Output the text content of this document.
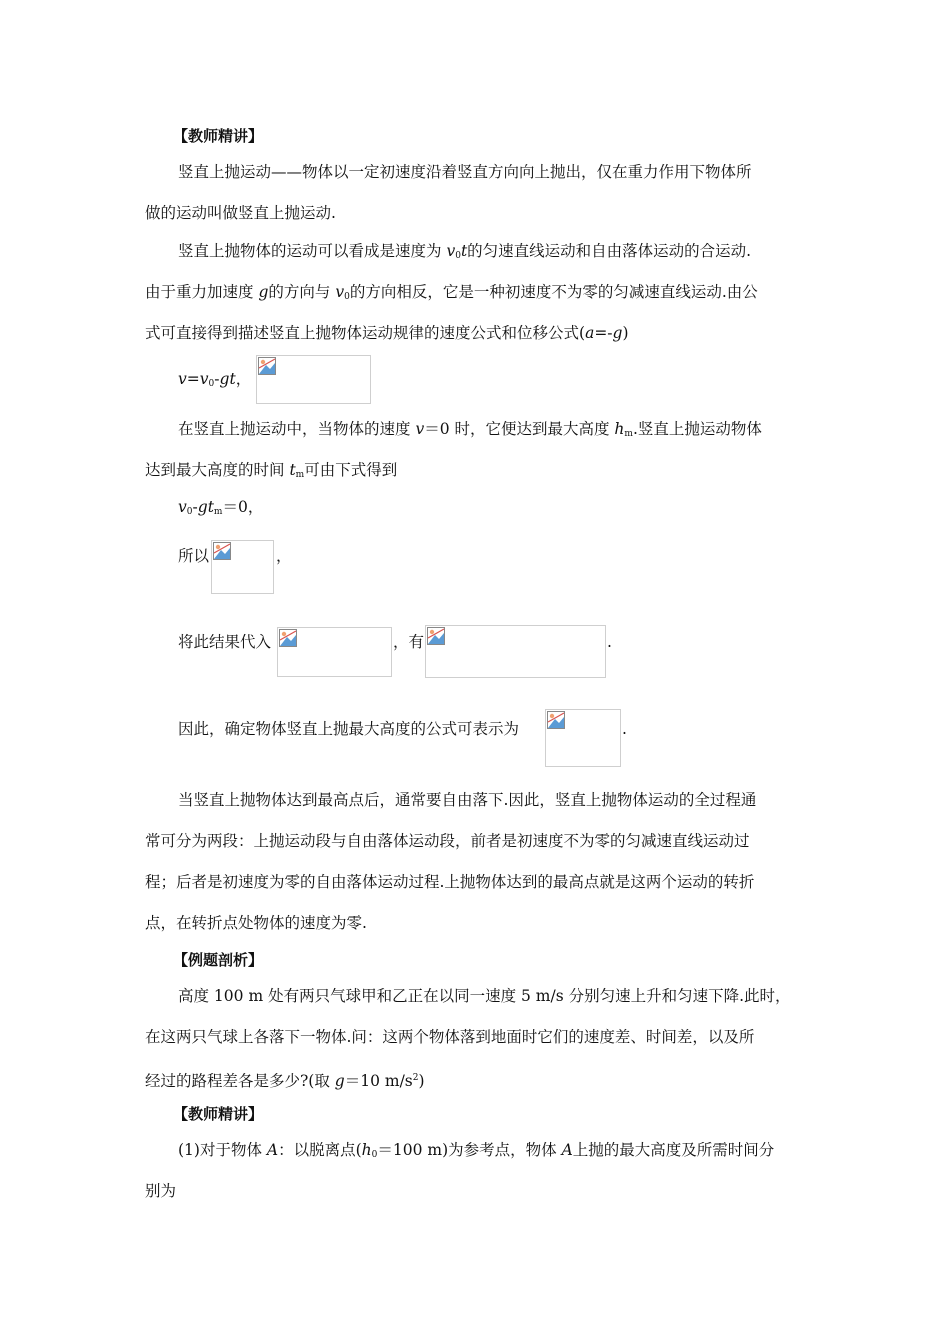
【教师精讲】
竖直上抛运动——物体以一定初速度沿着竖直方向向上抛出，仅在重力作用下物体所
做的运动叫做竖直上抛运动.
竖直上抛物体的运动可以看成是速度为 $v_0t$的匀速直线运动和自由落体运动的合运动.
由于重力加速度 g的方向与 $v_0$的方向相反，它是一种初速度不为零的匀减速直线运动.由公
式可直接得到描述竖直上抛物体运动规律的速度公式和位移公式(a=-g)
$v=v_0-gt$，
在竖直上抛运动中，当物体的速度 v＝0 时，它便达到最大高度 $h_m$.竖直上抛运动物体
达到最大高度的时间 $t_m$可由下式得到
$v_0-gt_m=0$，
所以	，
将此结果代入	，有	.
因此，确定物体竖直上抛最大高度的公式可表示为	.
当竖直上抛物体达到最高点后，通常要自由落下.因此，竖直上抛物体运动的全过程通
常可分为两段：上抛运动段与自由落体运动段，前者是初速度不为零的匀减速直线运动过
程；后者是初速度为零的自由落体运动过程.上抛物体达到的最高点就是这两个运动的转折
点，在转折点处物体的速度为零.
【例题剖析】
高度 100 m 处有两只气球甲和乙正在以同一速度 5 m/s 分别匀速上升和匀速下降.此时，
在这两只气球上各落下一物体.问：这两个物体落到地面时它们的速度差、时间差，以及所
经过的路程差各是多少?(取 g＝10 $m/s^2$)
【教师精讲】
(1)对于物体 A：以脱离点($h_0=100$ m)为参考点，物体 A上抛的最大高度及所需时间分
别为
